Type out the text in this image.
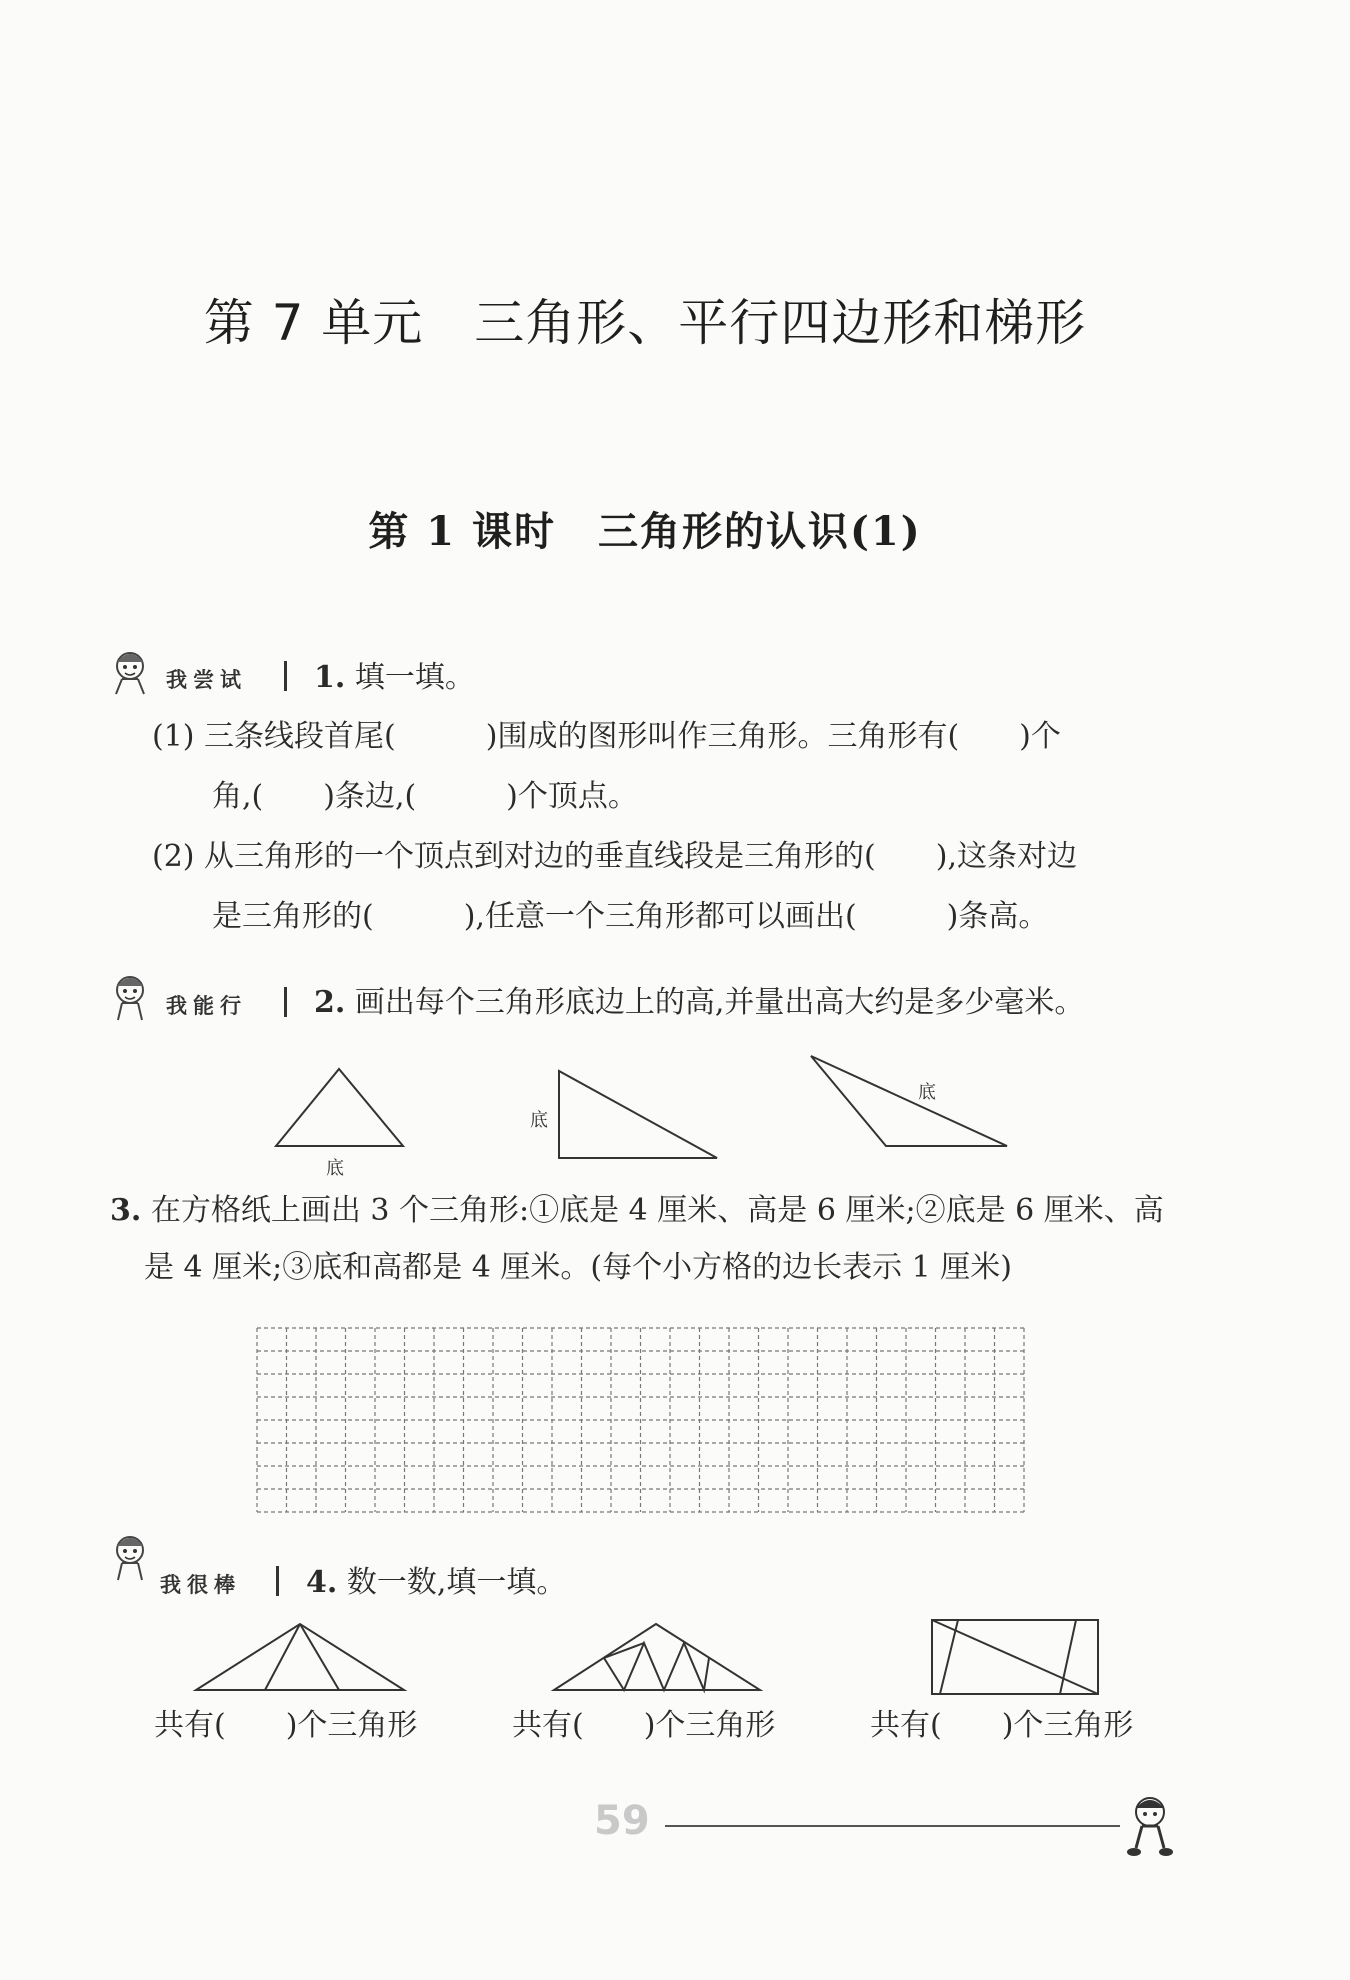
第 7 单元　三角形、平行四边形和梯形
第 1 课时　三角形的认识(1)
我尝试 1. 填一填。
(1) 三条线段首尾(　　　)围成的图形叫作三角形。三角形有(　　)个
角,(　　)条边,(　　　)个顶点。
(2) 从三角形的一个顶点到对边的垂直线段是三角形的(　　),这条对边
是三角形的(　　　),任意一个三角形都可以画出(　　　)条高。
我能行 2. 画出每个三角形底边上的高,并量出高大约是多少毫米。
底
底
底
3. 在方格纸上画出 3 个三角形:①底是 4 厘米、高是 6 厘米;②底是 6 厘米、高
是 4 厘米;③底和高都是 4 厘米。(每个小方格的边长表示 1 厘米)
我很棒 4. 数一数,填一填。
共有(　　)个三角形	共有(　　)个三角形	共有(　　)个三角形
59
